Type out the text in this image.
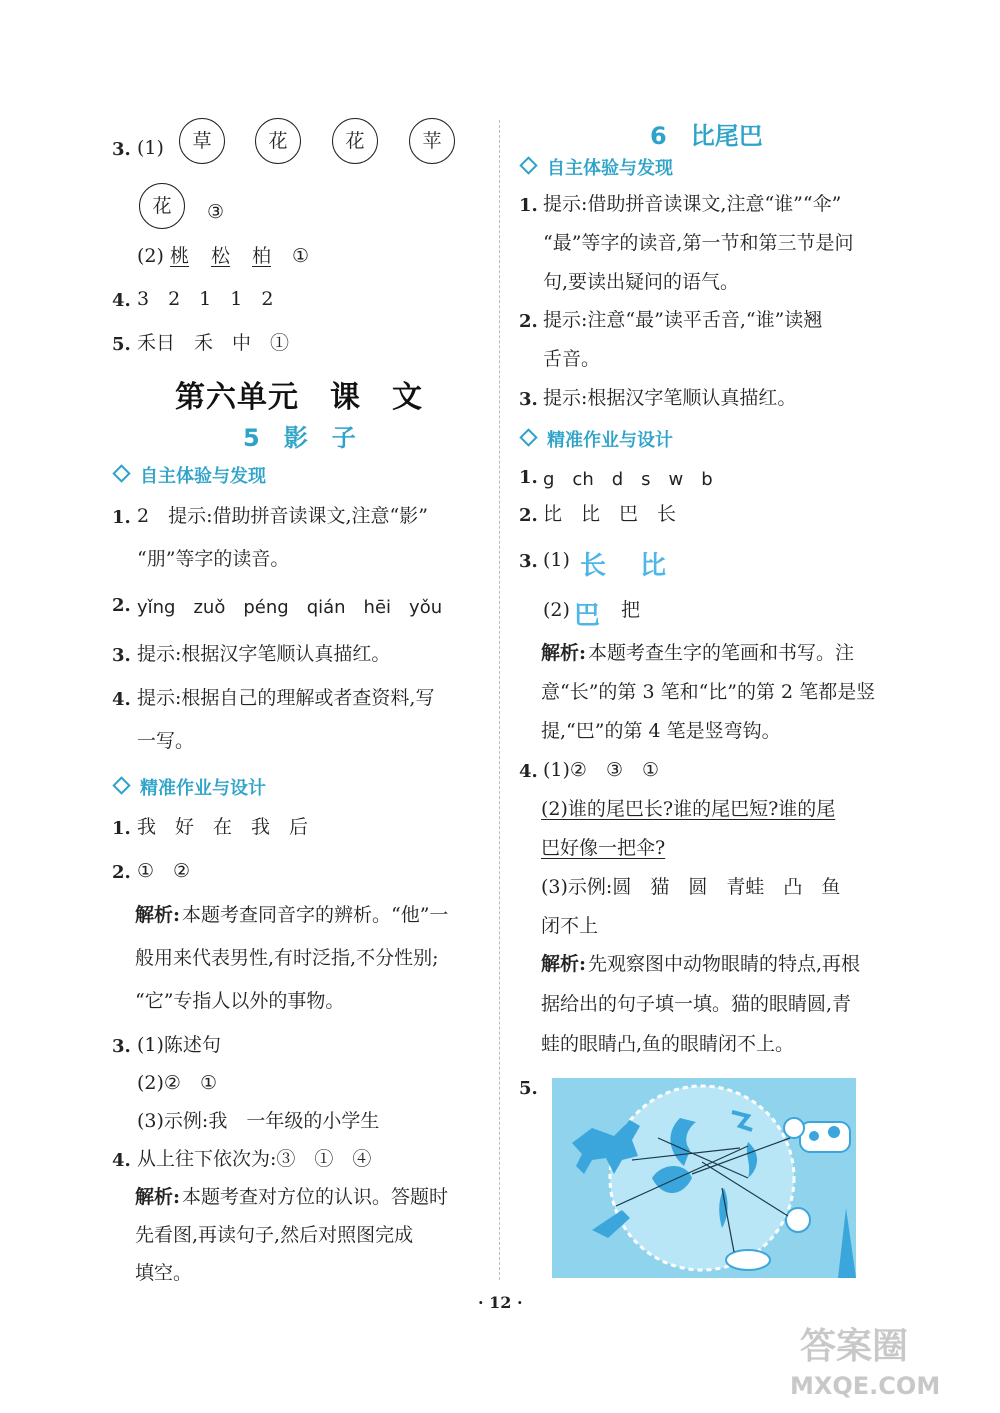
3. (1)	草	花	花	苹
花	③
(2) 桃 松 柏 ①
4. 3　2　1　1　2
5. 禾日　禾　中　①
第六单元　课　文
5　影　子
自主体验与发现
1. 2　提示:借助拼音读课文,注意“影”
“朋”等字的读音。
2. yǐng　zuǒ　péng　qián　hēi　yǒu
3. 提示:根据汉字笔顺认真描红。
4. 提示:根据自己的理解或者查资料,写
一写。
精准作业与设计
1. 我　好　在　我　后
2. ①　②
解析: 本题考查同音字的辨析。“他”一
般用来代表男性,有时泛指,不分性别;
“它”专指人以外的事物。
3. (1)陈述句
(2)②　①
(3)示例:我　一年级的小学生
4. 从上往下依次为:③　①　④
解析: 本题考查对方位的认识。答题时
先看图,再读句子,然后对照图完成
填空。
6　比尾巴
自主体验与发现
1. 提示:借助拼音读课文,注意“谁”“伞”
“最”等字的读音,第一节和第三节是问
句,要读出疑问的语气。
2. 提示:注意“最”读平舌音,“谁”读翘
舌音。
3. 提示:根据汉字笔顺认真描红。
精准作业与设计
1. g　ch　d　s　w　b
2. 比　比　巴　长
3. (1) 长 比
(2) 巴 把
解析: 本题考查生字的笔画和书写。注
意“长”的第 3 笔和“比”的第 2 笔都是竖
提,“巴”的第 4 笔是竖弯钩。
4. (1)②　③　①
(2)谁的尾巴长?谁的尾巴短?谁的尾
巴好像一把伞?
(3)示例:圆　猫　圆　青蛙　凸　鱼
闭不上
解析: 先观察图中动物眼睛的特点,再根
据给出的句子填一填。猫的眼睛圆,青
蛙的眼睛凸,鱼的眼睛闭不上。
5.
· 12 ·
答案圈
MXQE.COM
